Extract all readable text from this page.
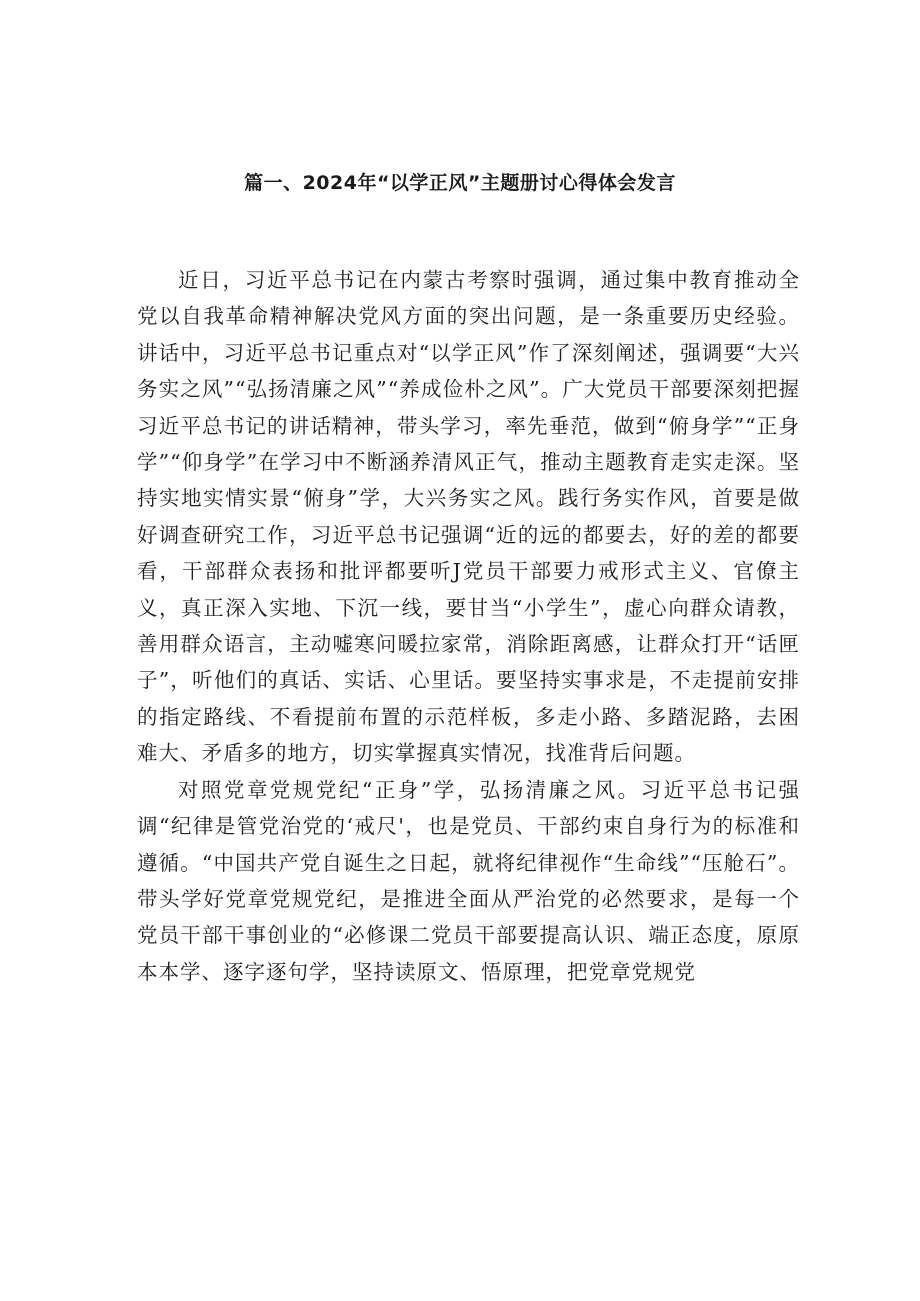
篇一、2024年“以学正风”主题册讨心得体会发言

近日，习近平总书记在内蒙古考察时强调，通过集中教育推动全党以自我革命精神解决党风方面的突出问题，是一条重要历史经验。讲话中，习近平总书记重点对“以学正风”作了深刻阐述，强调要“大兴务实之风”“弘扬清廉之风”“养成俭朴之风”。广大党员干部要深刻把握习近平总书记的讲话精神，带头学习，率先垂范，做到“俯身学”“正身学”“仰身学”在学习中不断涵养清风正气，推动主题教育走实走深。坚持实地实情实景“俯身”学，大兴务实之风。践行务实作风，首要是做好调查研究工作，习近平总书记强调“近的远的都要去，好的差的都要看，干部群众表扬和批评都要听J党员干部要力戒形式主义、官僚主义，真正深入实地、下沉一线，要甘当“小学生”，虚心向群众请教，善用群众语言，主动嘘寒问暖拉家常，消除距离感，让群众打开“话匣子”，听他们的真话、实话、心里话。要坚持实事求是，不走提前安排的指定路线、不看提前布置的示范样板，多走小路、多踏泥路，去困难大、矛盾多的地方，切实掌握真实情况，找准背后问题。

对照党章党规党纪“正身”学，弘扬清廉之风。习近平总书记强调“纪律是管党治党的‘戒尺'，也是党员、干部约束自身行为的标准和遵循。“中国共产党自诞生之日起，就将纪律视作“生命线”“压舱石”。带头学好党章党规党纪，是推进全面从严治党的必然要求，是每一个党员干部干事创业的“必修课二党员干部要提高认识、端正态度，原原本本学、逐字逐句学，坚持读原文、悟原理，把党章党规党
